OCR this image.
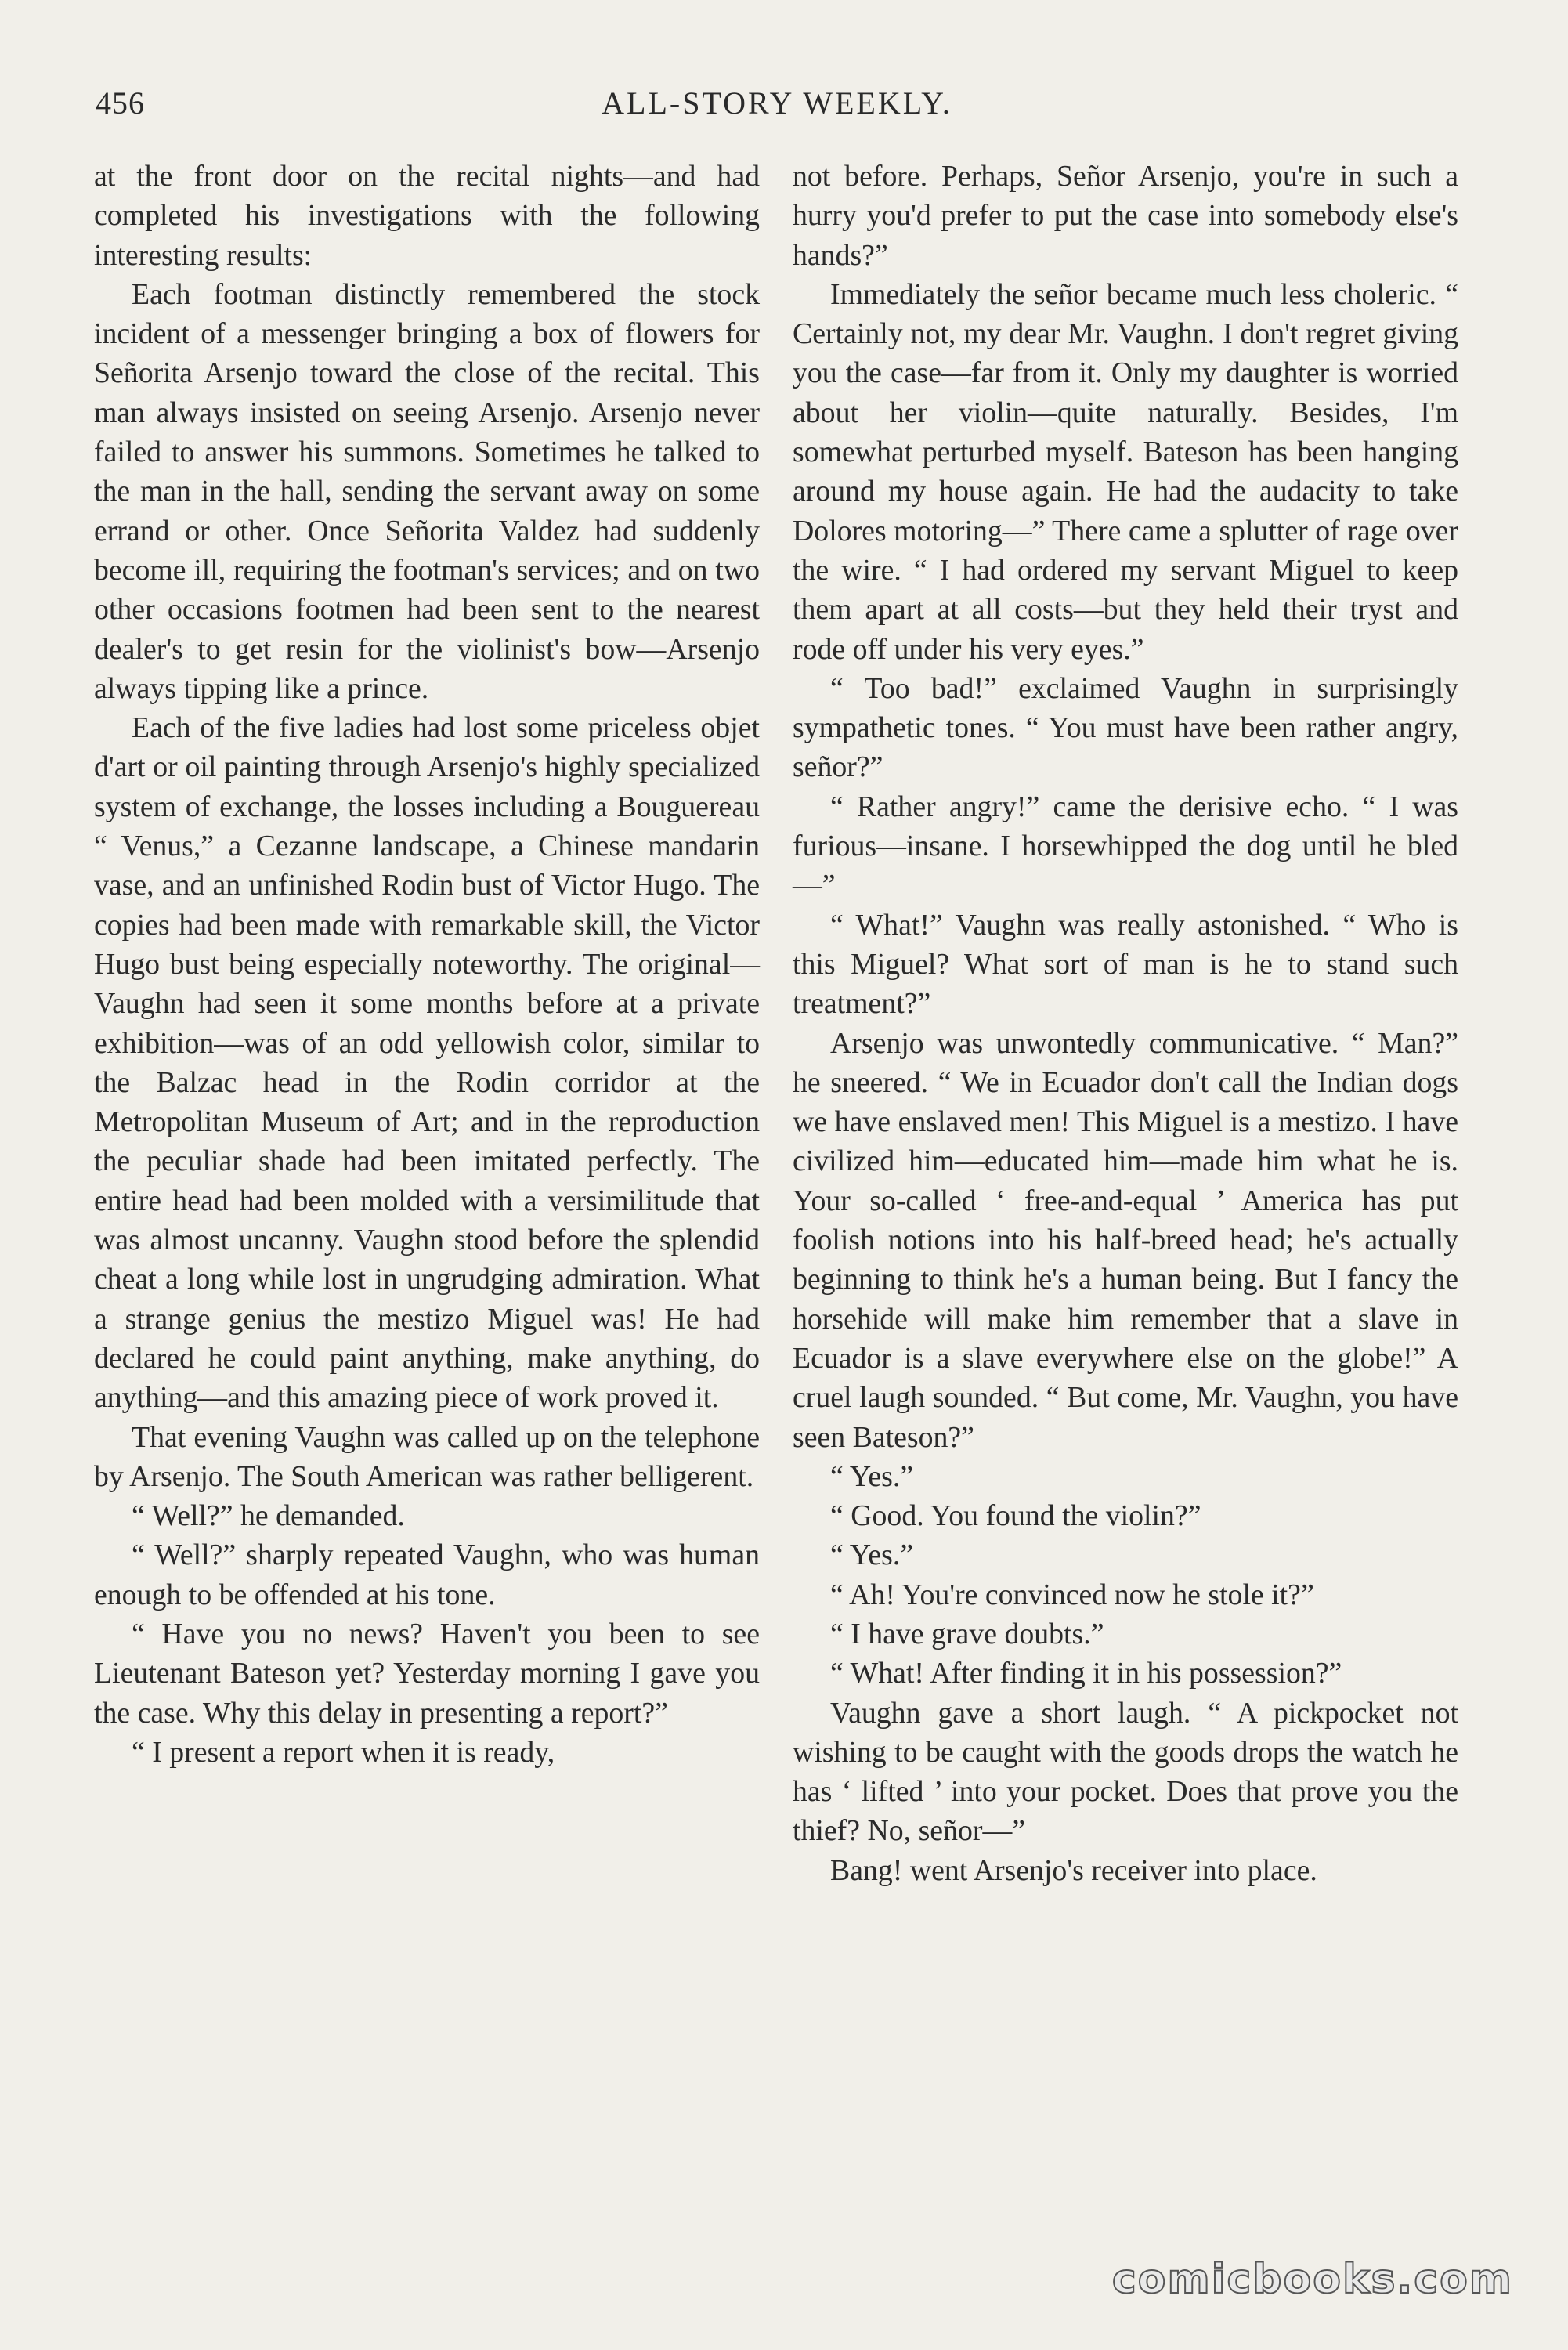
456	ALL-STORY WEEKLY.

at the front door on the recital nights—and had completed his investigations with the following interesting results:

Each footman distinctly remembered the stock incident of a messenger bringing a box of flowers for Señorita Arsenjo toward the close of the recital. This man always insisted on seeing Arsenjo. Arsenjo never failed to answer his summons. Sometimes he talked to the man in the hall, sending the servant away on some errand or other. Once Señorita Valdez had suddenly become ill, requiring the footman's services; and on two other occasions footmen had been sent to the nearest dealer's to get resin for the violinist's bow—Arsenjo always tipping like a prince.

Each of the five ladies had lost some priceless objet d'art or oil painting through Arsenjo's highly specialized system of exchange, the losses including a Bouguereau “ Venus,” a Cezanne landscape, a Chinese mandarin vase, and an unfinished Rodin bust of Victor Hugo. The copies had been made with remarkable skill, the Victor Hugo bust being especially noteworthy. The original—Vaughn had seen it some months before at a private exhibition—was of an odd yellowish color, similar to the Balzac head in the Rodin corridor at the Metropolitan Museum of Art; and in the reproduction the peculiar shade had been imitated perfectly. The entire head had been molded with a versimilitude that was almost uncanny. Vaughn stood before the splendid cheat a long while lost in ungrudging admiration. What a strange genius the mestizo Miguel was! He had declared he could paint anything, make anything, do anything—and this amazing piece of work proved it.

That evening Vaughn was called up on the telephone by Arsenjo. The South American was rather belligerent.

“ Well?” he demanded.

“ Well?” sharply repeated Vaughn, who was human enough to be offended at his tone.

“ Have you no news? Haven't you been to see Lieutenant Bateson yet? Yesterday morning I gave you the case. Why this delay in presenting a report?”

“ I present a report when it is ready,

not before. Perhaps, Señor Arsenjo, you're in such a hurry you'd prefer to put the case into somebody else's hands?”

Immediately the señor became much less choleric. “ Certainly not, my dear Mr. Vaughn. I don't regret giving you the case—far from it. Only my daughter is worried about her violin—quite naturally. Besides, I'm somewhat perturbed myself. Bateson has been hanging around my house again. He had the audacity to take Dolores motoring—” There came a splutter of rage over the wire. “ I had ordered my servant Miguel to keep them apart at all costs—but they held their tryst and rode off under his very eyes.”

“ Too bad!” exclaimed Vaughn in surprisingly sympathetic tones. “ You must have been rather angry, señor?”

“ Rather angry!” came the derisive echo. “ I was furious—insane. I horsewhipped the dog until he bled—”

“ What!” Vaughn was really astonished. “ Who is this Miguel? What sort of man is he to stand such treatment?”

Arsenjo was unwontedly communicative. “ Man?” he sneered. “ We in Ecuador don't call the Indian dogs we have enslaved men! This Miguel is a mestizo. I have civilized him—educated him—made him what he is. Your so-called ‘ free-and-equal ’ America has put foolish notions into his half-breed head; he's actually beginning to think he's a human being. But I fancy the horsehide will make him remember that a slave in Ecuador is a slave everywhere else on the globe!” A cruel laugh sounded. “ But come, Mr. Vaughn, you have seen Bateson?”

“ Yes.”

“ Good. You found the violin?”

“ Yes.”

“ Ah! You're convinced now he stole it?”

“ I have grave doubts.”

“ What! After finding it in his possession?”

Vaughn gave a short laugh. “ A pickpocket not wishing to be caught with the goods drops the watch he has ‘ lifted ’ into your pocket. Does that prove you the thief? No, señor—”

Bang! went Arsenjo's receiver into place.

comicbooks.com
